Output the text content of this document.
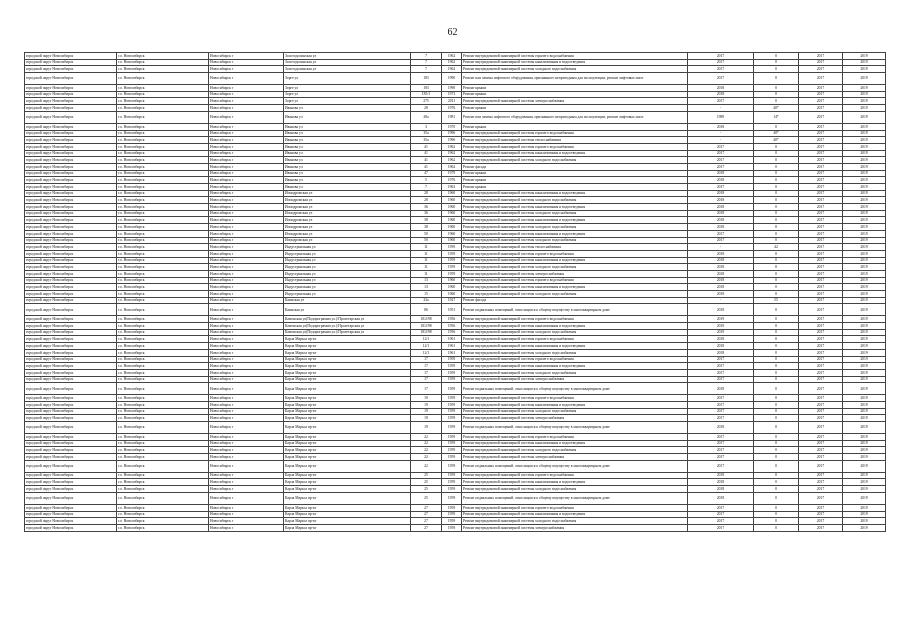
62
городской округ Новосибирск	г.о. Новосибирск	Новосибирск г	Золотодолинская ул	7	1962	Ремонт внутридомовой инженерной системы горячего водоснабжения	2017	0	2017	2019
городской округ Новосибирск	г.о. Новосибирск	Новосибирск г	Золотодолинская ул	7	1962	Ремонт внутридомовой инженерной системы канализования и водоотведения	2017	0	2017	2019
городской округ Новосибирск	г.о. Новосибирск	Новосибирск г	Золотодолинская ул	7	1962	Ремонт внутридомовой инженерной системы холодного водоснабжения	2017	0	2017	2019
городской округ Новосибирск	г.о. Новосибирск	Новосибирск г	Зорге ул	183	1990	Ремонт или замена лифтового оборудования, признанного непригодным для эксплуатации, ремонт лифтовых шахт	2017	0	2017	2019
городской округ Новосибирск	г.о. Новосибирск	Новосибирск г	Зорге ул	183	1990	Ремонт крыши	2018	0	2017	2019
городской округ Новосибирск	г.о. Новосибирск	Новосибирск г	Зорге ул	185/1	1973	Ремонт крыши	2018	0	2017	2019
городской округ Новосибирск	г.о. Новосибирск	Новосибирск г	Зорге ул	275	2011	Ремонт внутридомовой инженерной системы электроснабжения	2017	0	2017	2019
городской округ Новосибирск	г.о. Новосибирск	Новосибирск г	Иванова ул	28	1976	Ремонт крыши	-	40*	2017	2019
городской округ Новосибирск	г.о. Новосибирск	Новосибирск г	Иванова ул	28а	1981	Ремонт или замена лифтового оборудования, признанного непригодным для эксплуатации, ремонт лифтовых шахт	1989	14*	2017	2019
городской округ Новосибирск	г.о. Новосибирск	Новосибирск г	Иванова ул	3	1970	Ремонт крыши	2018	0	2017	2019
городской округ Новосибирск	г.о. Новосибирск	Новосибирск г	Иванова ул	35а	1996	Ремонт внутридомовой инженерной системы горячего водоснабжения	-	40*	2017	2019
городской округ Новосибирск	г.о. Новосибирск	Новосибирск г	Иванова ул	35а	1996	Ремонт внутридомовой инженерной системы теплоснабжения	-	40*	2017	2019
городской округ Новосибирск	г.о. Новосибирск	Новосибирск г	Иванова ул	41	1962	Ремонт внутридомовой инженерной системы горячего водоснабжения	2017	0	2017	2019
городской округ Новосибирск	г.о. Новосибирск	Новосибирск г	Иванова ул	41	1962	Ремонт внутридомовой инженерной системы канализования и водоотведения	2017	0	2017	2019
городской округ Новосибирск	г.о. Новосибирск	Новосибирск г	Иванова ул	41	1962	Ремонт внутридомовой инженерной системы холодного водоснабжения	2017	0	2017	2019
городской округ Новосибирск	г.о. Новосибирск	Новосибирск г	Иванова ул	41	1962	Ремонт фасада	2017	0	2017	2019
городской округ Новосибирск	г.о. Новосибирск	Новосибирск г	Иванова ул	47	1979	Ремонт крыши	2018	0	2017	2019
городской округ Новосибирск	г.о. Новосибирск	Новосибирск г	Иванова ул	5	1976	Ремонт крыши	2018	0	2017	2019
городской округ Новосибирск	г.о. Новосибирск	Новосибирск г	Иванова ул	7	1963	Ремонт крыши	2017	0	2017	2019
городской округ Новосибирск	г.о. Новосибирск	Новосибирск г	Ипподромская ул	28	1960	Ремонт внутридомовой инженерной системы канализования и водоотведения	2018	0	2017	2019
городской округ Новосибирск	г.о. Новосибирск	Новосибирск г	Ипподромская ул	28	1960	Ремонт внутридомовой инженерной системы холодного водоснабжения	2018	0	2017	2019
городской округ Новосибирск	г.о. Новосибирск	Новосибирск г	Ипподромская ул	36	1960	Ремонт внутридомовой инженерной системы канализования и водоотведения	2018	0	2017	2019
городской округ Новосибирск	г.о. Новосибирск	Новосибирск г	Ипподромская ул	36	1960	Ремонт внутридомовой инженерной системы холодного водоснабжения	2018	0	2017	2019
городской округ Новосибирск	г.о. Новосибирск	Новосибирск г	Ипподромская ул	38	1960	Ремонт внутридомовой инженерной системы канализования и водоотведения	2018	0	2017	2019
городской округ Новосибирск	г.о. Новосибирск	Новосибирск г	Ипподромская ул	38	1960	Ремонт внутридомовой инженерной системы холодного водоснабжения	2018	0	2017	2019
городской округ Новосибирск	г.о. Новосибирск	Новосибирск г	Ипподромская ул	50	1960	Ремонт внутридомовой инженерной системы канализования и водоотведения	2017	0	2017	2019
городской округ Новосибирск	г.о. Новосибирск	Новосибирск г	Ипподромская ул	50	1960	Ремонт внутридомовой инженерной системы холодного водоснабжения	2017	0	2017	2019
городской округ Новосибирск	г.о. Новосибирск	Новосибирск г	Индустриальная ул	11	1959	Ремонт внутридомовой инженерной системы теплоснабжения	-	42	2017	2019
городской округ Новосибирск	г.о. Новосибирск	Новосибирск г	Индустриальная ул	11	1959	Ремонт внутридомовой инженерной системы горячего водоснабжения	2018	0	2017	2019
городской округ Новосибирск	г.о. Новосибирск	Новосибирск г	Индустриальная ул	11	1959	Ремонт внутридомовой инженерной системы канализования и водоотведения	2018	0	2017	2019
городской округ Новосибирск	г.о. Новосибирск	Новосибирск г	Индустриальная ул	11	1959	Ремонт внутридомовой инженерной системы холодного водоснабжения	2018	0	2017	2019
городской округ Новосибирск	г.о. Новосибирск	Новосибирск г	Индустриальная ул	11	1959	Ремонт внутридомовой инженерной системы электроснабжения	2018	0	2017	2019
городской округ Новосибирск	г.о. Новосибирск	Новосибирск г	Индустриальная ул	13	1960	Ремонт внутридомовой инженерной системы горячего водоснабжения	2018	0	2017	2019
городской округ Новосибирск	г.о. Новосибирск	Новосибирск г	Индустриальная ул	13	1960	Ремонт внутридомовой инженерной системы канализования и водоотведения	2018	0	2017	2019
городской округ Новосибирск	г.о. Новосибирск	Новосибирск г	Индустриальная ул	15	1960	Ремонт внутридомовой инженерной системы холодного водоснабжения	2018	0	2017	2019
городской округ Новосибирск	г.о. Новосибирск	Новосибирск г	Каинская ул	23а	1927	Ремонт фасада	-	55	2017	2019
городской округ Новосибирск	г.о. Новосибирск	Новосибирск г	Каинская ул	86	1951	Ремонт подвальных помещений, относящихся к общему имуществу в многоквартирном доме	2018	0	2017	2019
городской округ Новосибирск	г.о. Новосибирск	Новосибирск г	Каменская ул(Подпрограмма ул.)/Пролетарская ул	18/2/98	1956	Ремонт внутридомовой инженерной системы горячего водоснабжения	2019	0	2017	2019
городской округ Новосибирск	г.о. Новосибирск	Новосибирск г	Каменская ул(Подпрограмма ул.)/Пролетарская ул	18/2/98	1956	Ремонт внутридомовой инженерной системы канализования и водоотведения	2019	0	2017	2019
городской округ Новосибирск	г.о. Новосибирск	Новосибирск г	Каменская ул(Подпрограмма ул.)/Пролетарская ул	18/2/98	1956	Ремонт внутридомовой инженерной системы холодного водоснабжения	2019	0	2017	2019
городской округ Новосибирск	г.о. Новосибирск	Новосибирск г	Карла Маркса пр-кт	12/1	1961	Ремонт внутридомовой инженерной системы горячего водоснабжения	2018	0	2017	2019
городской округ Новосибирск	г.о. Новосибирск	Новосибирск г	Карла Маркса пр-кт	12/1	1961	Ремонт внутридомовой инженерной системы канализования и водоотведения	2018	0	2017	2019
городской округ Новосибирск	г.о. Новосибирск	Новосибирск г	Карла Маркса пр-кт	12/1	1961	Ремонт внутридомовой инженерной системы холодного водоснабжения	2018	0	2017	2019
городской округ Новосибирск	г.о. Новосибирск	Новосибирск г	Карла Маркса пр-кт	17	1959	Ремонт внутридомовой инженерной системы горячего водоснабжения	2017	0	2017	2019
городской округ Новосибирск	г.о. Новосибирск	Новосибирск г	Карла Маркса пр-кт	17	1959	Ремонт внутридомовой инженерной системы канализования и водоотведения	2017	0	2017	2019
городской округ Новосибирск	г.о. Новосибирск	Новосибирск г	Карла Маркса пр-кт	17	1959	Ремонт внутридомовой инженерной системы холодного водоснабжения	2017	0	2017	2019
городской округ Новосибирск	г.о. Новосибирск	Новосибирск г	Карла Маркса пр-кт	17	1959	Ремонт внутридомовой инженерной системы электроснабжения	2017	0	2017	2019
городской округ Новосибирск	г.о. Новосибирск	Новосибирск г	Карла Маркса пр-кт	17	1959	Ремонт подвальных помещений, относящихся к общему имуществу в многоквартирном доме	2018	0	2017	2019
городской округ Новосибирск	г.о. Новосибирск	Новосибирск г	Карла Маркса пр-кт	19	1959	Ремонт внутридомовой инженерной системы горячего водоснабжения	2017	0	2017	2019
городской округ Новосибирск	г.о. Новосибирск	Новосибирск г	Карла Маркса пр-кт	19	1959	Ремонт внутридомовой инженерной системы канализования и водоотведения	2017	0	2017	2019
городской округ Новосибирск	г.о. Новосибирск	Новосибирск г	Карла Маркса пр-кт	19	1959	Ремонт внутридомовой инженерной системы холодного водоснабжения	2017	0	2017	2019
городской округ Новосибирск	г.о. Новосибирск	Новосибирск г	Карла Маркса пр-кт	19	1959	Ремонт внутридомовой инженерной системы электроснабжения	2017	0	2017	2019
городской округ Новосибирск	г.о. Новосибирск	Новосибирск г	Карла Маркса пр-кт	19	1959	Ремонт подвальных помещений, относящихся к общему имуществу в многоквартирном доме	2018	0	2017	2019
городской округ Новосибирск	г.о. Новосибирск	Новосибирск г	Карла Маркса пр-кт	22	1959	Ремонт внутридомовой инженерной системы горячего водоснабжения	2017	0	2017	2019
городской округ Новосибирск	г.о. Новосибирск	Новосибирск г	Карла Маркса пр-кт	22	1959	Ремонт внутридомовой инженерной системы канализования и водоотведения	2017	0	2017	2019
городской округ Новосибирск	г.о. Новосибирск	Новосибирск г	Карла Маркса пр-кт	22	1959	Ремонт внутридомовой инженерной системы холодного водоснабжения	2017	0	2017	2019
городской округ Новосибирск	г.о. Новосибирск	Новосибирск г	Карла Маркса пр-кт	22	1959	Ремонт внутридомовой инженерной системы электроснабжения	2017	0	2017	2019
городской округ Новосибирск	г.о. Новосибирск	Новосибирск г	Карла Маркса пр-кт	22	1959	Ремонт подвальных помещений, относящихся к общему имуществу в многоквартирном доме	2017	0	2017	2019
городской округ Новосибирск	г.о. Новосибирск	Новосибирск г	Карла Маркса пр-кт	25	1959	Ремонт внутридомовой инженерной системы горячего водоснабжения	2018	0	2017	2019
городской округ Новосибирск	г.о. Новосибирск	Новосибирск г	Карла Маркса пр-кт	25	1959	Ремонт внутридомовой инженерной системы канализования и водоотведения	2018	0	2017	2019
городской округ Новосибирск	г.о. Новосибирск	Новосибирск г	Карла Маркса пр-кт	25	1959	Ремонт внутридомовой инженерной системы холодного водоснабжения	2018	0	2017	2019
городской округ Новосибирск	г.о. Новосибирск	Новосибирск г	Карла Маркса пр-кт	25	1959	Ремонт подвальных помещений, относящихся к общему имуществу в многоквартирном доме	2018	0	2017	2019
городской округ Новосибирск	г.о. Новосибирск	Новосибирск г	Карла Маркса пр-кт	27	1959	Ремонт внутридомовой инженерной системы горячего водоснабжения	2017	0	2017	2019
городской округ Новосибирск	г.о. Новосибирск	Новосибирск г	Карла Маркса пр-кт	27	1959	Ремонт внутридомовой инженерной системы канализования и водоотведения	2017	0	2017	2019
городской округ Новосибирск	г.о. Новосибирск	Новосибирск г	Карла Маркса пр-кт	27	1959	Ремонт внутридомовой инженерной системы холодного водоснабжения	2017	0	2017	2019
городской округ Новосибирск	г.о. Новосибирск	Новосибирск г	Карла Маркса пр-кт	27	1959	Ремонт внутридомовой инженерной системы электроснабжения	2017	0	2017	2019
